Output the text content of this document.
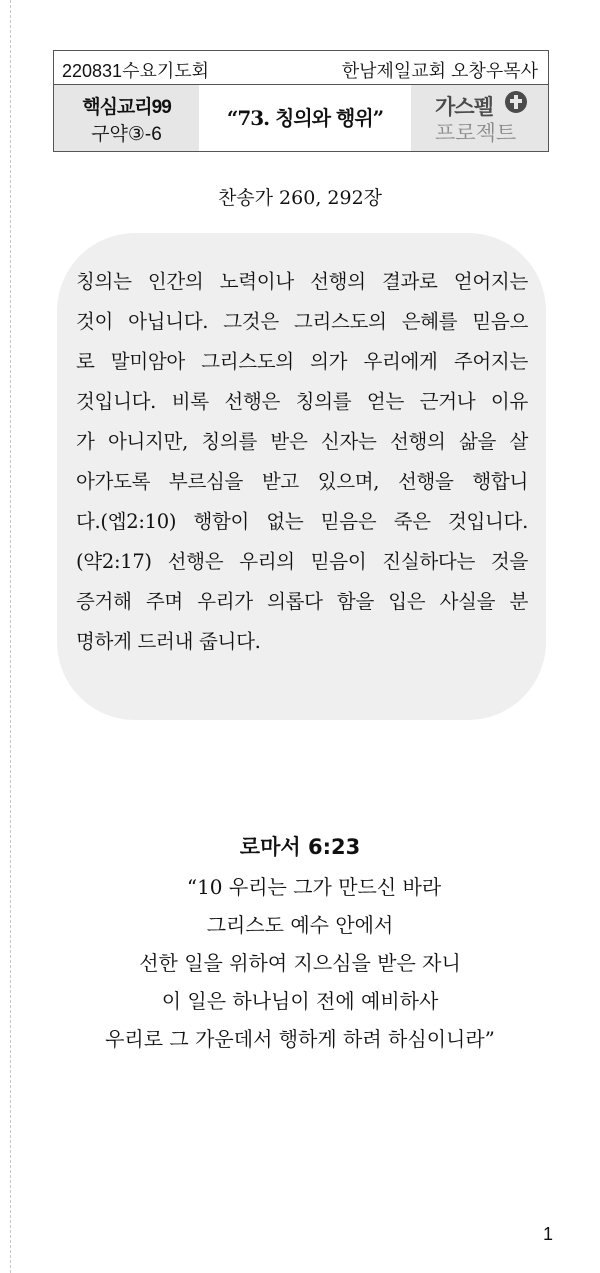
220831수요기도회	한남제일교회 오창우목사
핵심교리99
구약③-6
“73. 칭의와 행위”	가스펠
프로젝트
찬송가 260, 292장
칭의는 인간의 노력이나 선행의 결과로 얻어지는
것이 아닙니다. 그것은 그리스도의 은혜를 믿음으
로 말미암아 그리스도의 의가 우리에게 주어지는
것입니다. 비록 선행은 칭의를 얻는 근거나 이유
가 아니지만, 칭의를 받은 신자는 선행의 삶을 살
아가도록 부르심을 받고 있으며, 선행을 행합니
다.(엡2:10) 행함이 없는 믿음은 죽은 것입니다.
(약2:17) 선행은 우리의 믿음이 진실하다는 것을
증거해 주며 우리가 의롭다 함을 입은 사실을 분
명하게 드러내 줍니다.
로마서 6:23
“10 우리는 그가 만드신 바라
그리스도 예수 안에서
선한 일을 위하여 지으심을 받은 자니
이 일은 하나님이 전에 예비하사
우리로 그 가운데서 행하게 하려 하심이니라”
1
